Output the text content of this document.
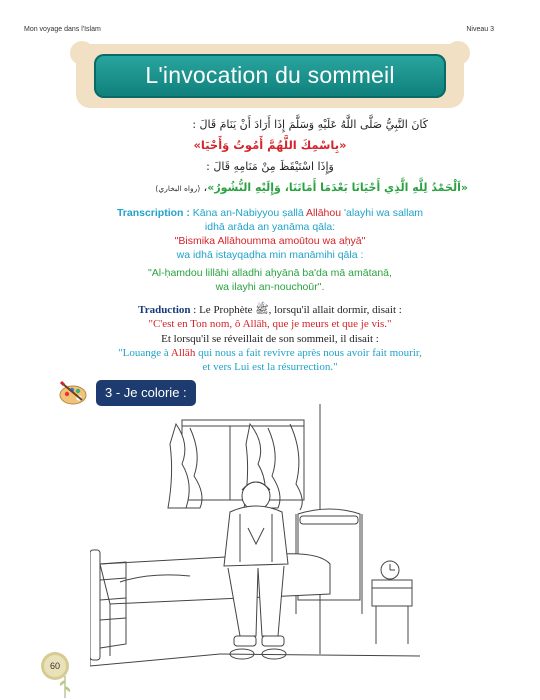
Mon voyage dans l'Islam	Niveau 3
L'invocation du sommeil
كَانَ النَّبِيُّ صَلَّى اللَّهُ عَلَيْهِ وَسَلَّمَ إِذَا أَرَادَ أَنْ يَنَامَ قَالَ :
«بِاسْمِكَ اللَّهُمَّ أَمُوتُ وَأَحْيَا»
وَإِذَا اسْتَيْقَظَ مِنْ مَنَامِهِ قَالَ :
«اَلْحَمْدُ لِلَّهِ الَّذِي أَحْيَانَا بَعْدَمَا أَمَاتَنَا، وَإِلَيْهِ النُّشُورُ»، (رواه البخاري)
Transcription : Kāna an-Nabiyyou ṣallā Allāhou 'alayhi wa sallam
idhā arāda an yanāma qāla:
"Bismika Allāhoumma amoūtou wa aḥyā"
wa idhā istayqaḍha min manāmihi qāla :
"Al-ḥamdou lillāhi alladhi aḥyānā ba'da mā amātanā,
wa ilayhi an-nouchoūr".
Traduction : Le Prophète ﷺ, lorsqu'il allait dormir, disait :
"C'est en Ton nom, ô Allāh, que je meurs et que je vis."
Et lorsqu'il se réveillait de son sommeil, il disait :
"Louange à Allāh qui nous a fait revivre après nous avoir fait mourir,
et vers Lui est la résurrection."
3 - Je colorie :
60
